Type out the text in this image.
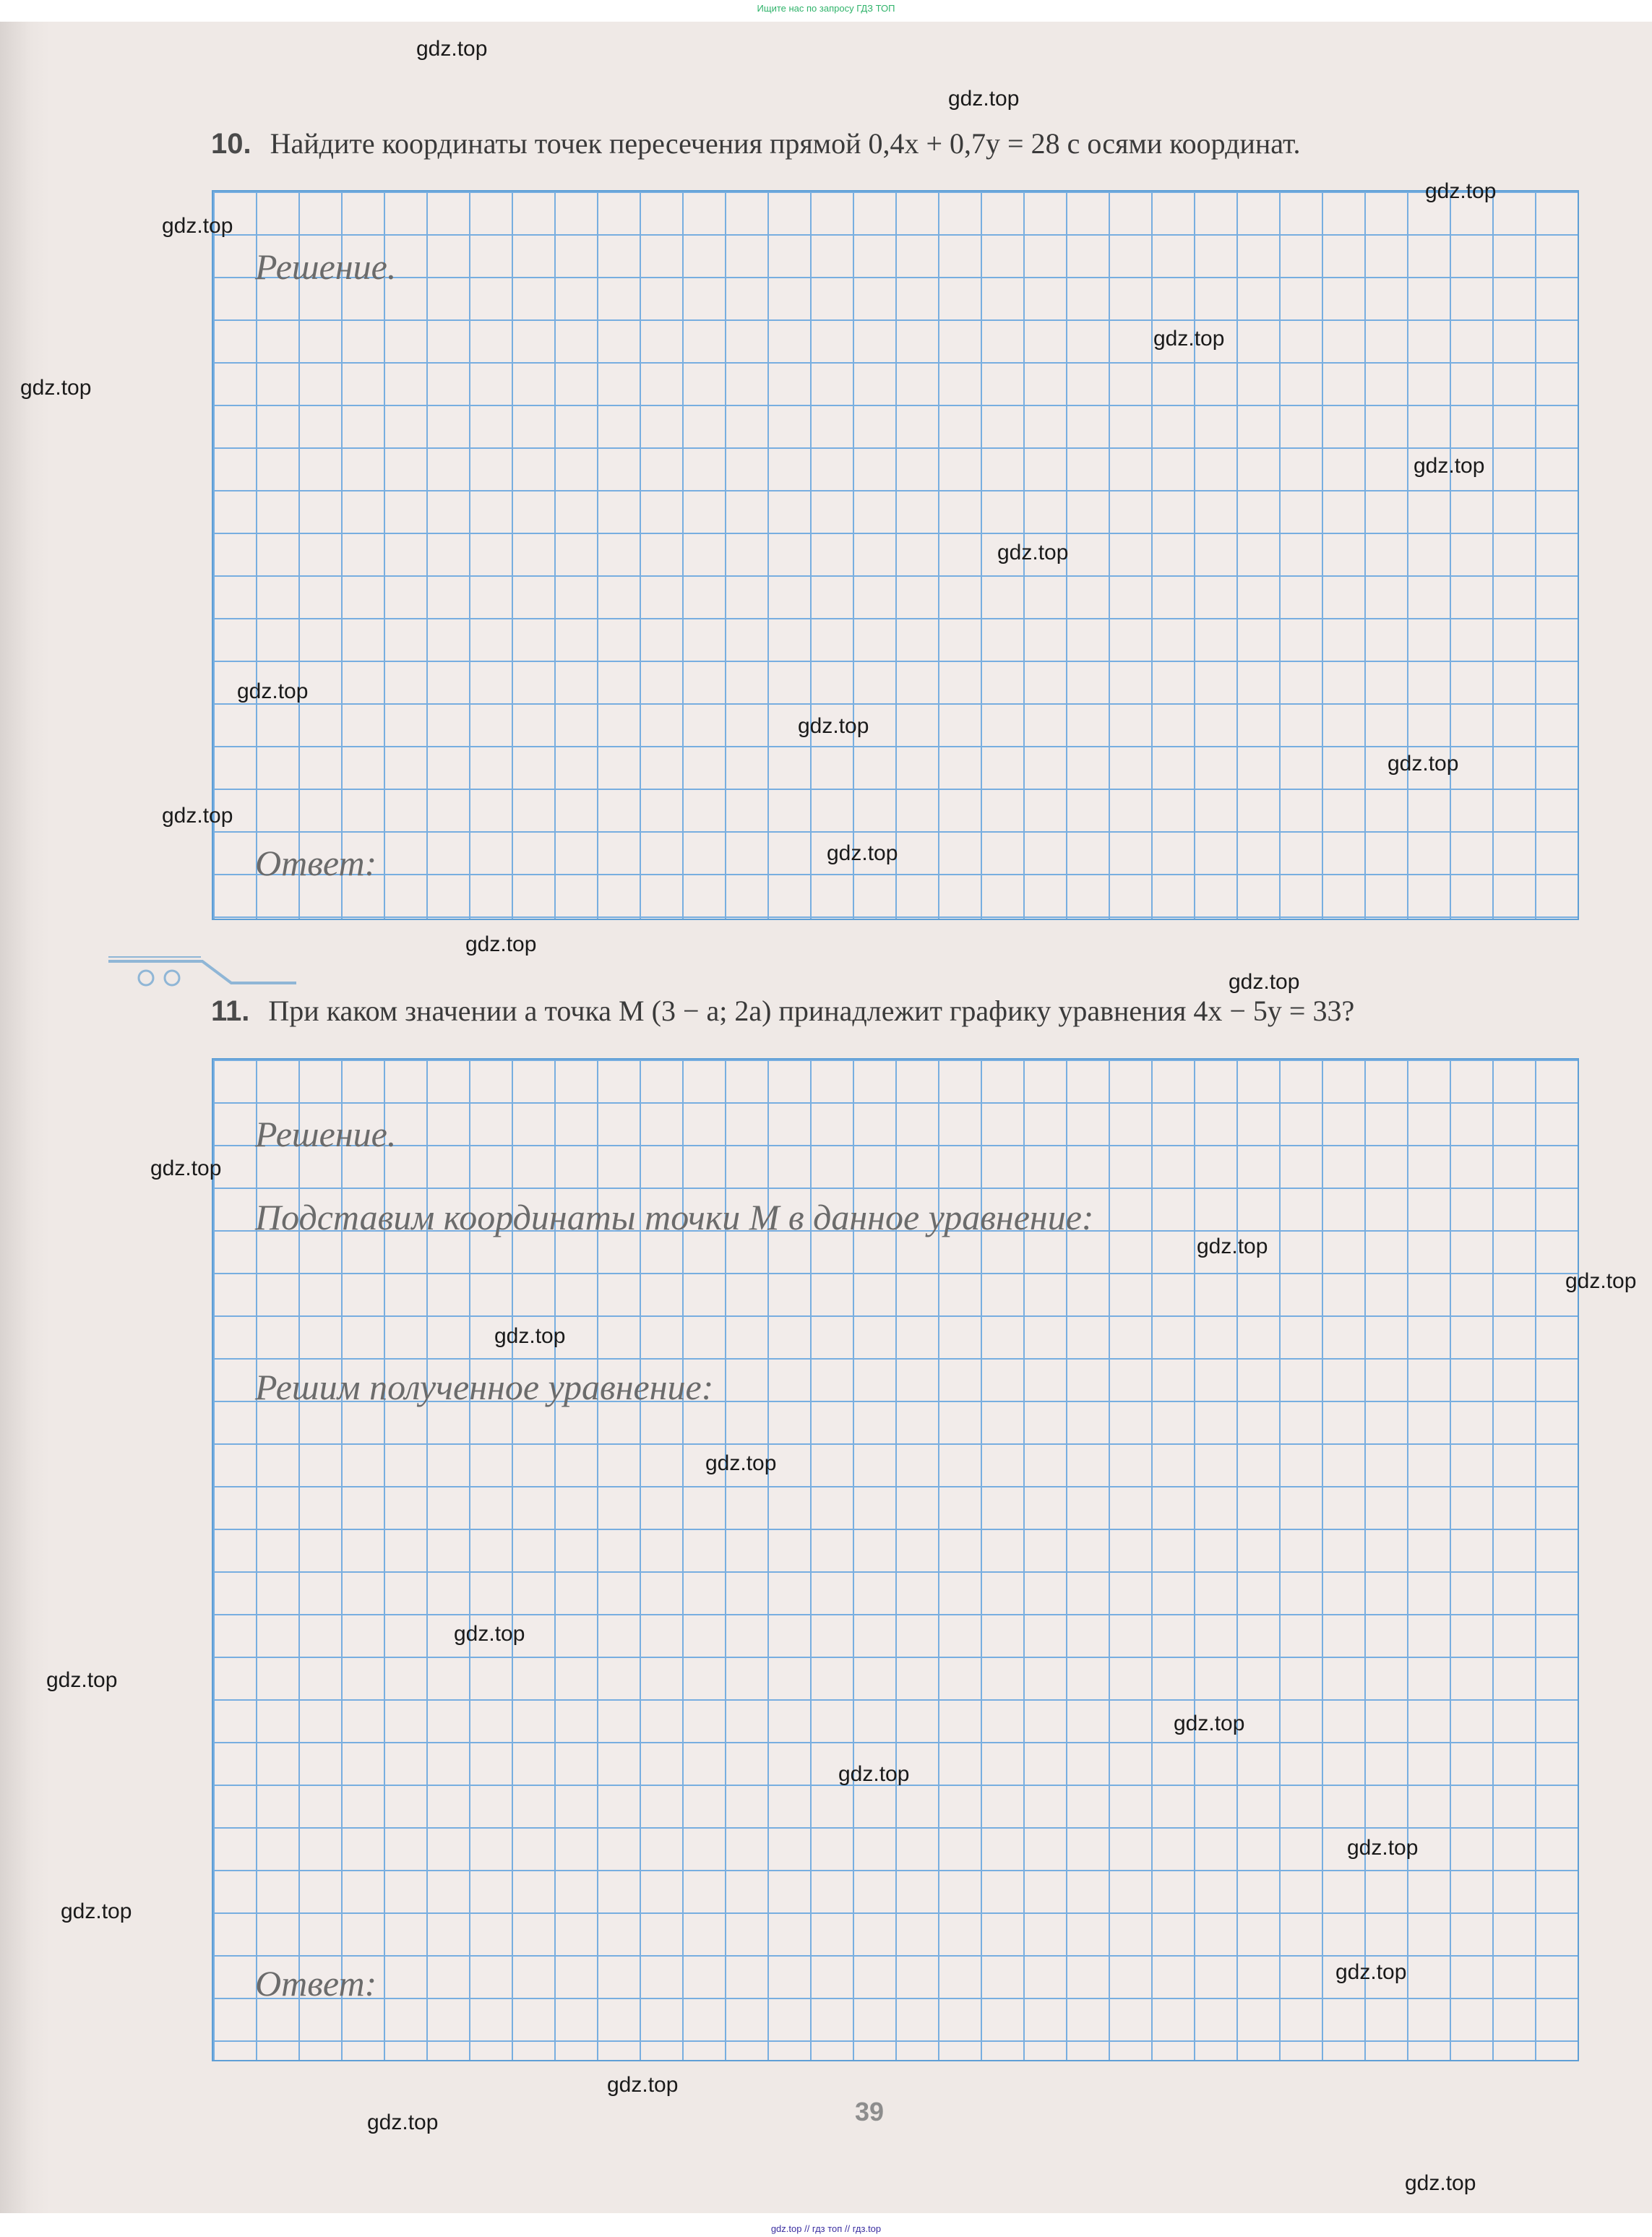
Ищите нас по запросу ГДЗ ТОП
10. Найдите координаты точек пересечения прямой 0,4x + 0,7y = 28 с осями координат.
Решение.
Ответ:
11. При каком значении a точка M (3 − a; 2a) принадлежит графику уравнения 4x − 5y = 33?
Решение.
Подставим координаты точки M в данное уравнение:
Решим полученное уравнение:
Ответ:
39
gdz.top
gdz.top
gdz.top
gdz.top
gdz.top
gdz.top
gdz.top
gdz.top
gdz.top
gdz.top
gdz.top
gdz.top
gdz.top
gdz.top
gdz.top
gdz.top
gdz.top
gdz.top
gdz.top
gdz.top
gdz.top
gdz.top
gdz.top
gdz.top
gdz.top
gdz.top
gdz.top
gdz.top
gdz.top
gdz.top
gdz.top // гдз топ // гдз.top
